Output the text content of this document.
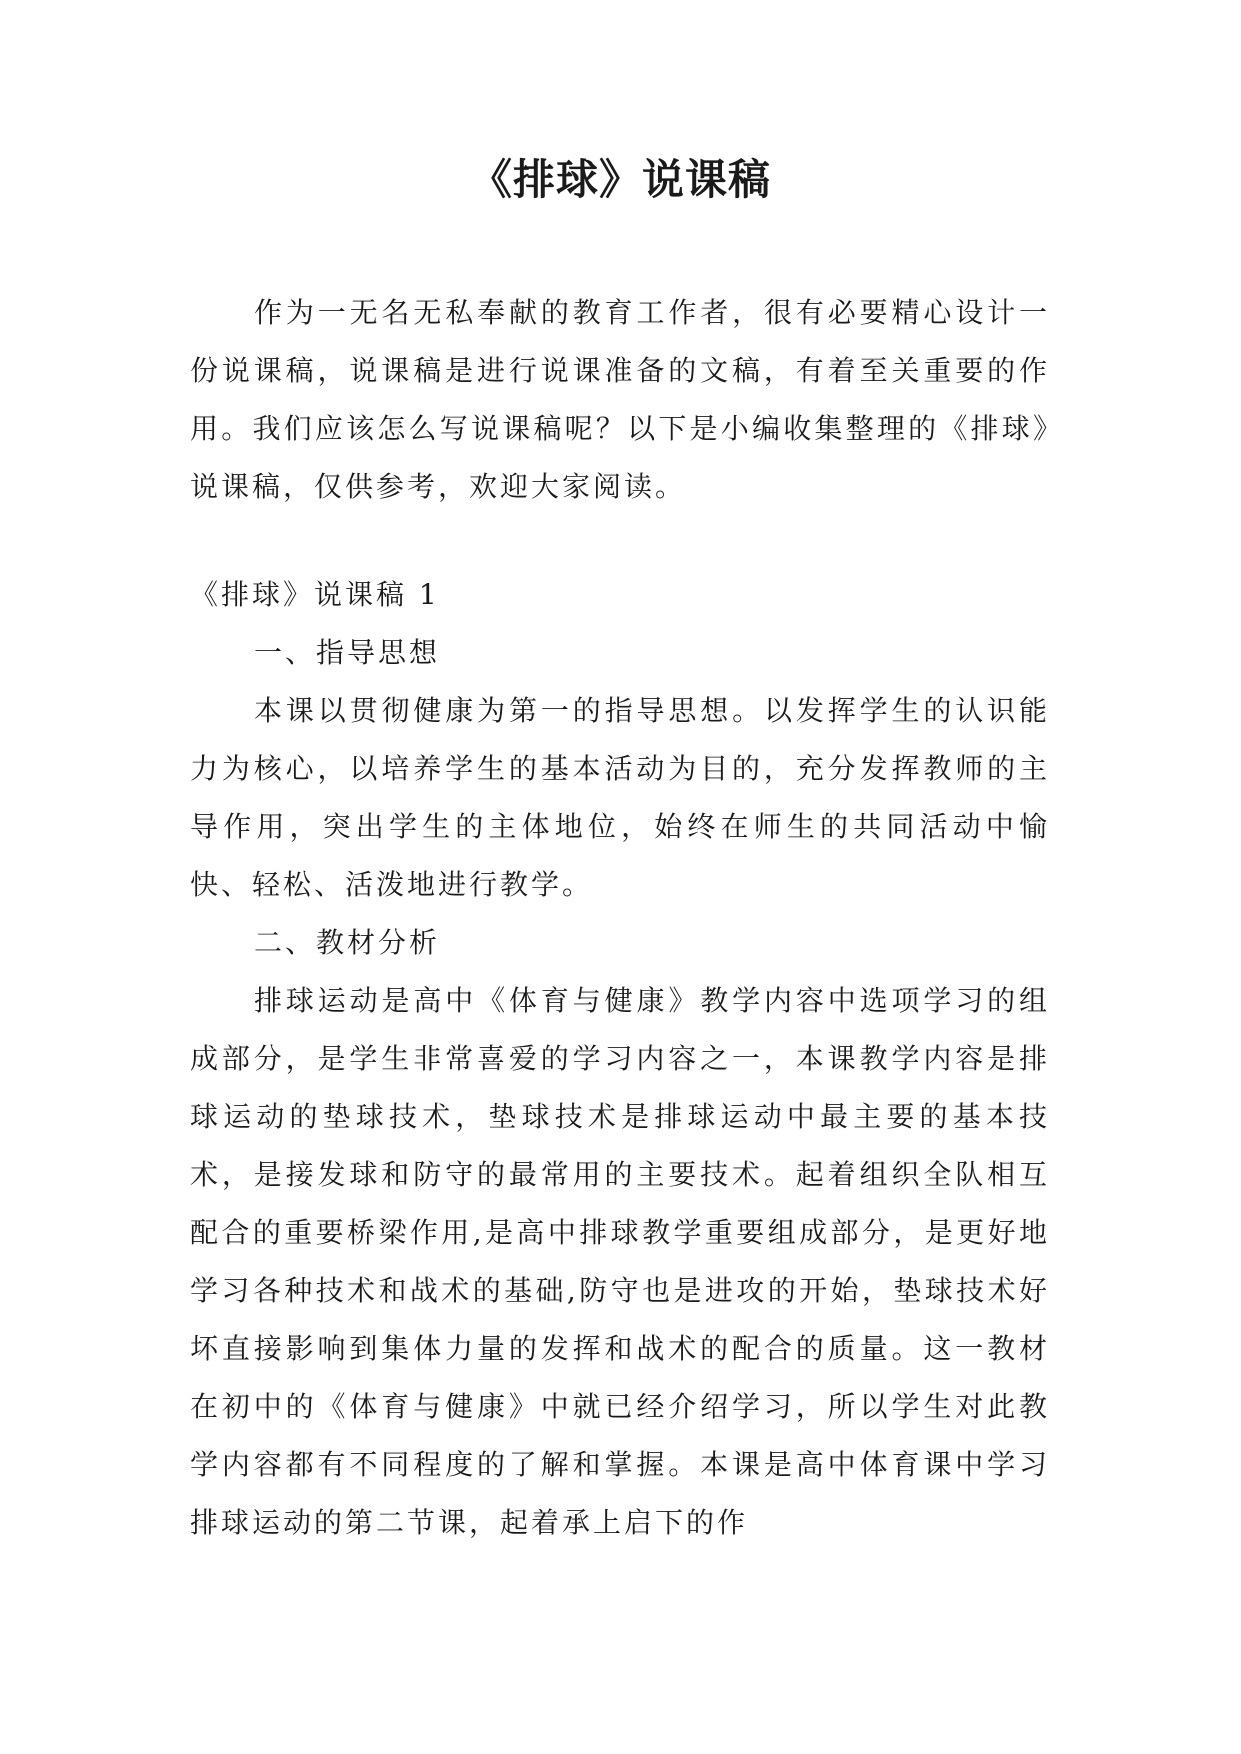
《排球》说课稿

作为一无名无私奉献的教育工作者，很有必要精心设计一份说课稿，说课稿是进行说课准备的文稿，有着至关重要的作用。我们应该怎么写说课稿呢？以下是小编收集整理的《排球》说课稿，仅供参考，欢迎大家阅读。

《排球》说课稿 1

一、指导思想

本课以贯彻健康为第一的指导思想。以发挥学生的认识能力为核心，以培养学生的基本活动为目的，充分发挥教师的主导作用，突出学生的主体地位，始终在师生的共同活动中愉快、轻松、活泼地进行教学。

二、教材分析

排球运动是高中《体育与健康》教学内容中选项学习的组成部分，是学生非常喜爱的学习内容之一，本课教学内容是排球运动的垫球技术，垫球技术是排球运动中最主要的基本技术，是接发球和防守的最常用的主要技术。起着组织全队相互配合的重要桥梁作用,是高中排球教学重要组成部分，是更好地学习各种技术和战术的基础,防守也是进攻的开始，垫球技术好坏直接影响到集体力量的发挥和战术的配合的质量。这一教材在初中的《体育与健康》中就已经介绍学习，所以学生对此教学内容都有不同程度的了解和掌握。本课是高中体育课中学习排球运动的第二节课，起着承上启下的作
